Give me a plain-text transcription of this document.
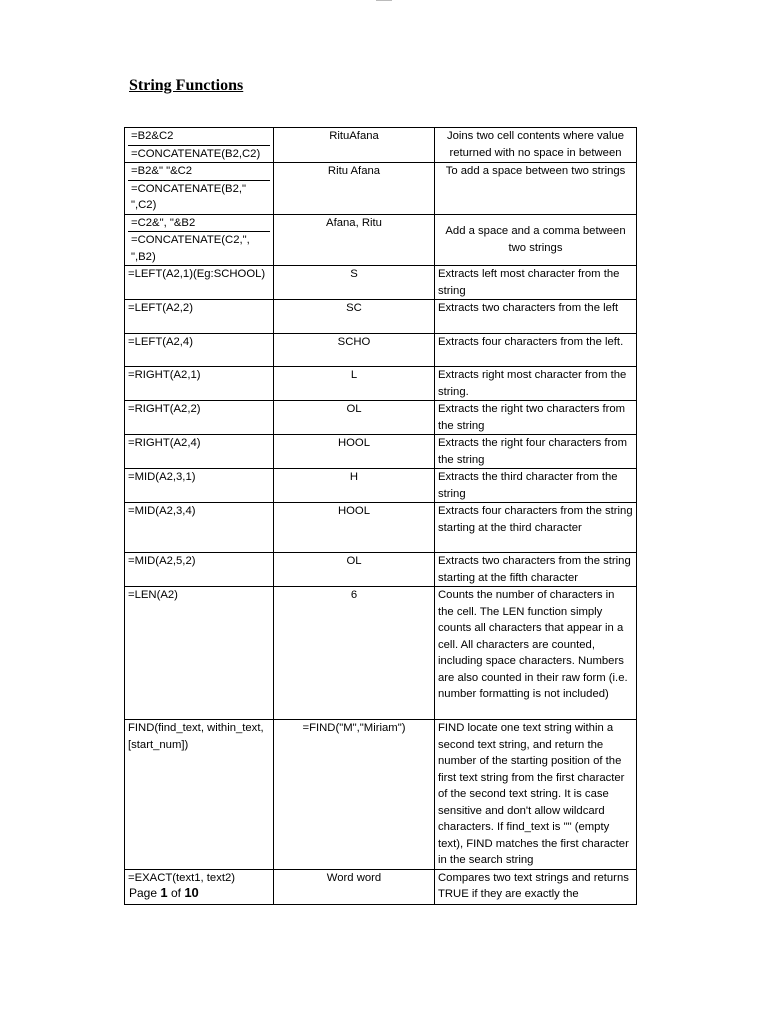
String Functions
=B2&C2
=CONCATENATE(B2,C2)	RituAfana	Joins two cell contents where value returned with no space in between

=B2&" "&C2
=CONCATENATE(B2," ",C2)	Ritu Afana	To add a space between two strings

=C2&", "&B2
=CONCATENATE(C2,",
",B2)	Afana, Ritu	Add a space and a comma between two strings
=LEFT(A2,1)(Eg:SCHOOL)	S	Extracts left most character from the string
=LEFT(A2,2)	SC	Extracts two characters from the left
=LEFT(A2,4)	SCHO	Extracts four characters from the left.
=RIGHT(A2,1)	L	Extracts right most character from the string.
=RIGHT(A2,2)	OL	Extracts the right two characters from the string
=RIGHT(A2,4)	HOOL	Extracts the right four characters from the string
=MID(A2,3,1)	H	Extracts the third character from the string
=MID(A2,3,4)	HOOL	Extracts four characters from the string starting at the third character
=MID(A2,5,2)	OL	Extracts two characters from the string starting at the fifth character
=LEN(A2)	6	Counts the number of characters in the cell. The LEN function simply counts all characters that appear in a cell. All characters are counted, including space characters. Numbers are also counted in their raw form (i.e. number formatting is not included)
FIND(find_text, within_text, [start_num])	=FIND("M","Miriam")	FIND locate one text string within a second text string, and return the number of the starting position of the first text string from the first character of the second text string. It is case sensitive and don't allow wildcard characters. If find_text is "" (empty text), FIND matches the first character in the search string
=EXACT(text1, text2)	Word word	Compares two text strings and returns TRUE if they are exactly the
Page 1 of 10
